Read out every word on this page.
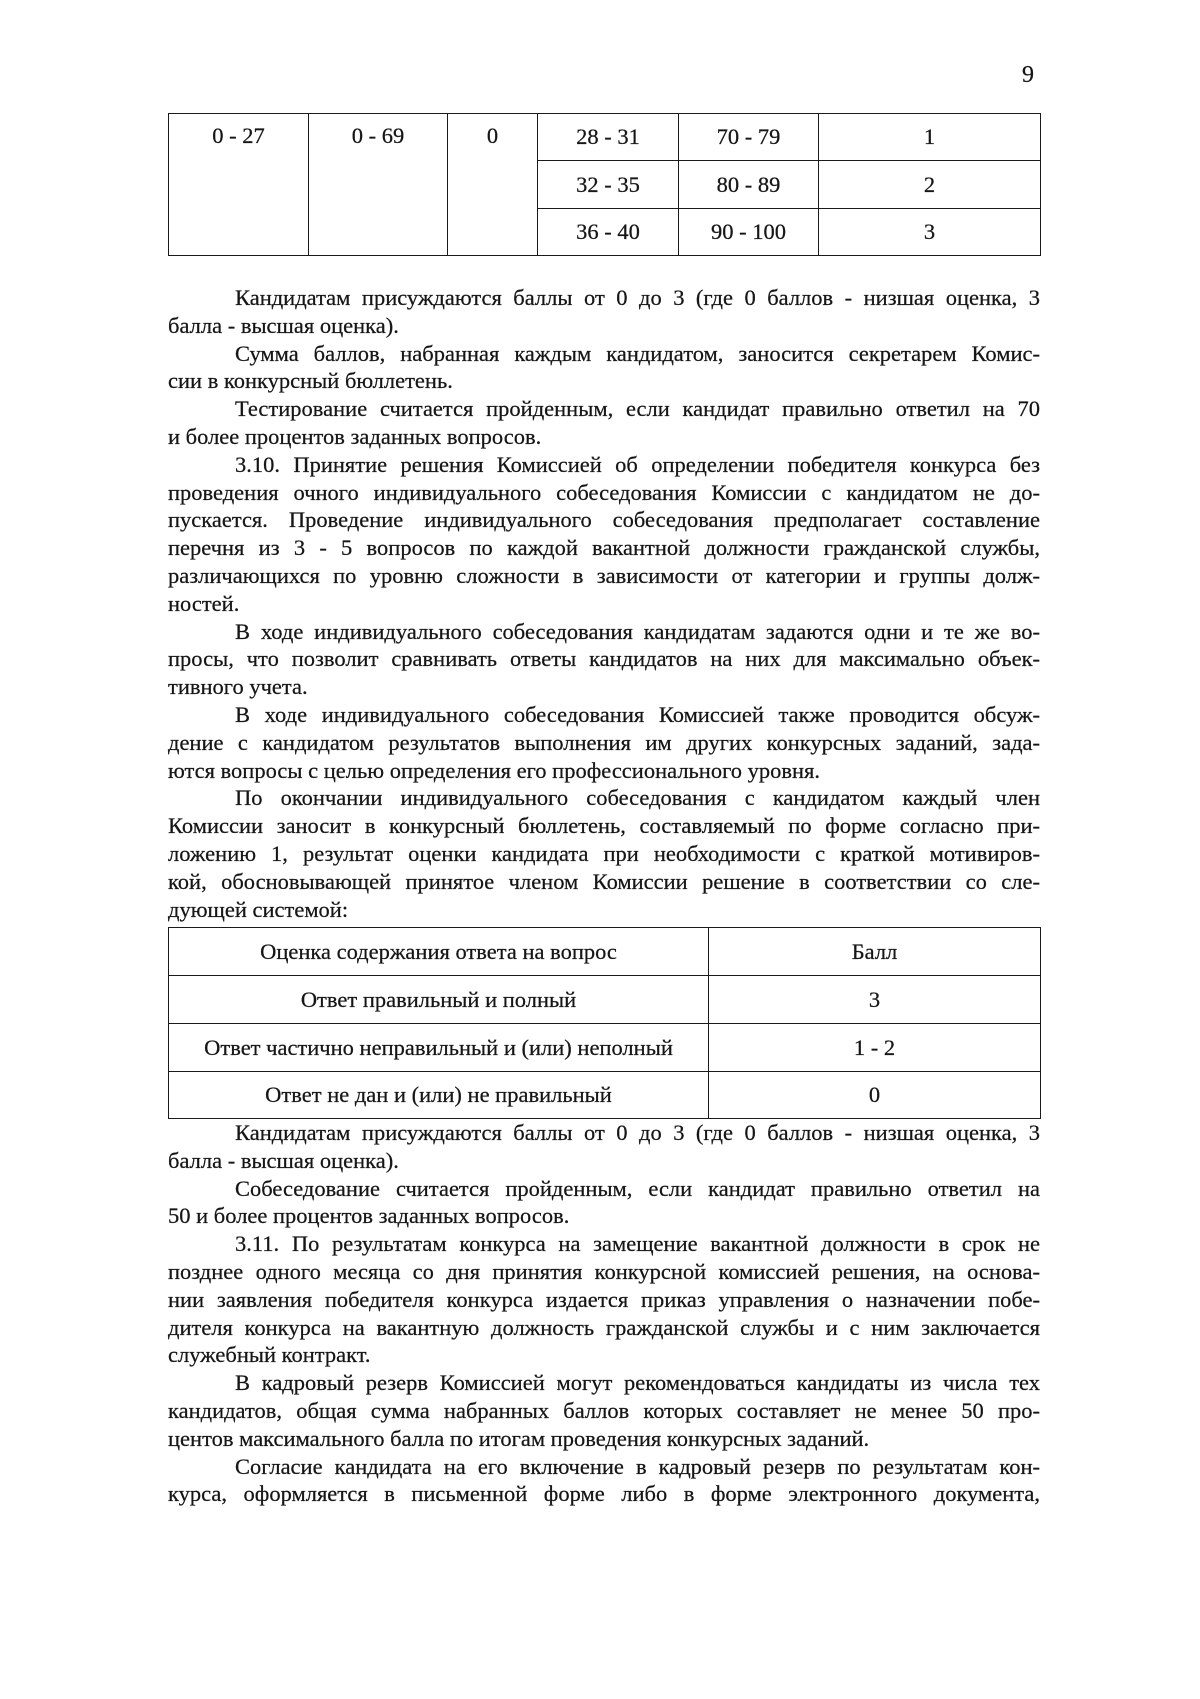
9
0 - 27	0 - 69	0	28 - 31	70 - 79	1
			32 - 35	80 - 89	2
			36 - 40	90 - 100	3
Кандидатам присуждаются баллы от 0 до 3 (где 0 баллов - низшая оценка, 3
балла - высшая оценка).
Сумма баллов, набранная каждым кандидатом, заносится секретарем Комис-
сии в конкурсный бюллетень.
Тестирование считается пройденным, если кандидат правильно ответил на 70
и более процентов заданных вопросов.
3.10. Принятие решения Комиссией об определении победителя конкурса без
проведения очного индивидуального собеседования Комиссии с кандидатом не до-
пускается. Проведение индивидуального собеседования предполагает составление
перечня из 3 - 5 вопросов по каждой вакантной должности гражданской службы,
различающихся по уровню сложности в зависимости от категории и группы долж-
ностей.
В ходе индивидуального собеседования кандидатам задаются одни и те же во-
просы, что позволит сравнивать ответы кандидатов на них для максимально объек-
тивного учета.
В ходе индивидуального собеседования Комиссией также проводится обсуж-
дение с кандидатом результатов выполнения им других конкурсных заданий, зада-
ются вопросы с целью определения его профессионального уровня.
По окончании индивидуального собеседования с кандидатом каждый член
Комиссии заносит в конкурсный бюллетень, составляемый по форме согласно при-
ложению 1, результат оценки кандидата при необходимости с краткой мотивиров-
кой, обосновывающей принятое членом Комиссии решение в соответствии со сле-
дующей системой:
Оценка содержания ответа на вопрос	Балл
Ответ правильный и полный	3
Ответ частично неправильный и (или) неполный	1 - 2
Ответ не дан и (или) не правильный	0
Кандидатам присуждаются баллы от 0 до 3 (где 0 баллов - низшая оценка, 3
балла - высшая оценка).
Собеседование считается пройденным, если кандидат правильно ответил на
50 и более процентов заданных вопросов.
3.11. По результатам конкурса на замещение вакантной должности в срок не
позднее одного месяца со дня принятия конкурсной комиссией решения, на основа-
нии заявления победителя конкурса издается приказ управления о назначении побе-
дителя конкурса на вакантную должность гражданской службы и с ним заключается
служебный контракт.
В кадровый резерв Комиссией могут рекомендоваться кандидаты из числа тех
кандидатов, общая сумма набранных баллов которых составляет не менее 50 про-
центов максимального балла по итогам проведения конкурсных заданий.
Согласие кандидата на его включение в кадровый резерв по результатам кон-
курса, оформляется в письменной форме либо в форме электронного документа,
